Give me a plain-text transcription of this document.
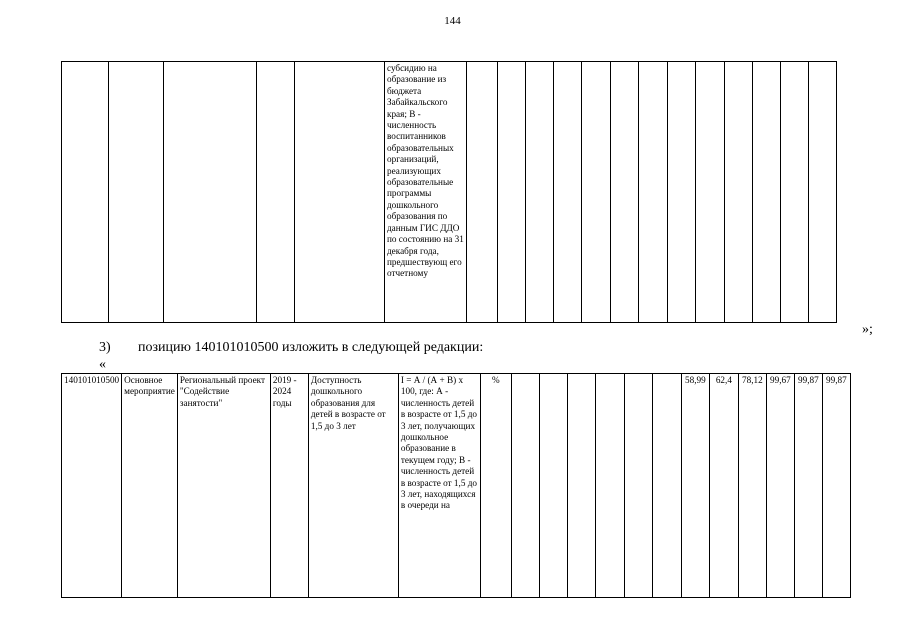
144
					субсидию на образование из бюджета Забайкальского края; В - численность воспитанников образовательных организаций, реализующих образовательные программы дошкольного образования по данным ГИС ДДО по состоянию на 31 декабря года, предшествующ его отчетному													
»;
3) позицию 140101010500 изложить в следующей редакции:
«
140101010500	Основное мероприятие	Региональный проект "Содействие занятости"	2019 - 2024 годы	Доступность дошкольного образования для детей в возрасте от 1,5 до 3 лет	I = А / (А + В) х 100, где: А - численность детей в возрасте от 1,5 до 3 лет, получающих дошкольное образование в текущем году; В - численность детей в возрасте от 1,5 до 3 лет, находящихся в очереди на	%							58,99	62,4	78,12	99,67	99,87	99,87
